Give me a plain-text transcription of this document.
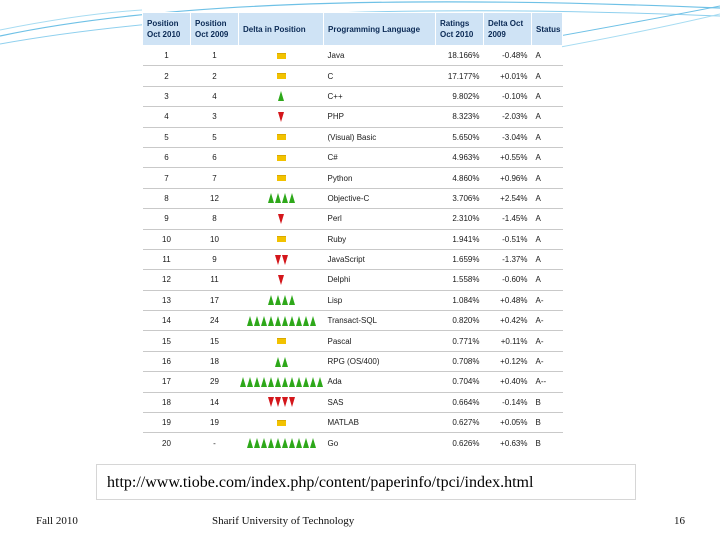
Position Oct 2010	Position Oct 2009	Delta in Position	Programming Language	Ratings Oct 2010	Delta Oct 2009	Status
1	1		Java	18.166%	-0.48%	A
2	2		C	17.177%	+0.01%	A
3	4		C++	9.802%	-0.10%	A
4	3		PHP	8.323%	-2.03%	A
5	5		(Visual) Basic	5.650%	-3.04%	A
6	6		C#	4.963%	+0.55%	A
7	7		Python	4.860%	+0.96%	A
8	12		Objective-C	3.706%	+2.54%	A
9	8		Perl	2.310%	-1.45%	A
10	10		Ruby	1.941%	-0.51%	A
11	9		JavaScript	1.659%	-1.37%	A
12	11		Delphi	1.558%	-0.60%	A
13	17		Lisp	1.084%	+0.48%	A-
14	24		Transact-SQL	0.820%	+0.42%	A-
15	15		Pascal	0.771%	+0.11%	A-
16	18		RPG (OS/400)	0.708%	+0.12%	A-
17	29		Ada	0.704%	+0.40%	A--
18	14		SAS	0.664%	-0.14%	B
19	19		MATLAB	0.627%	+0.05%	B
20	-		Go	0.626%	+0.63%	B
http://www.tiobe.com/index.php/content/paperinfo/tpci/index.html
Fall 2010	Sharif University of Technology	16
